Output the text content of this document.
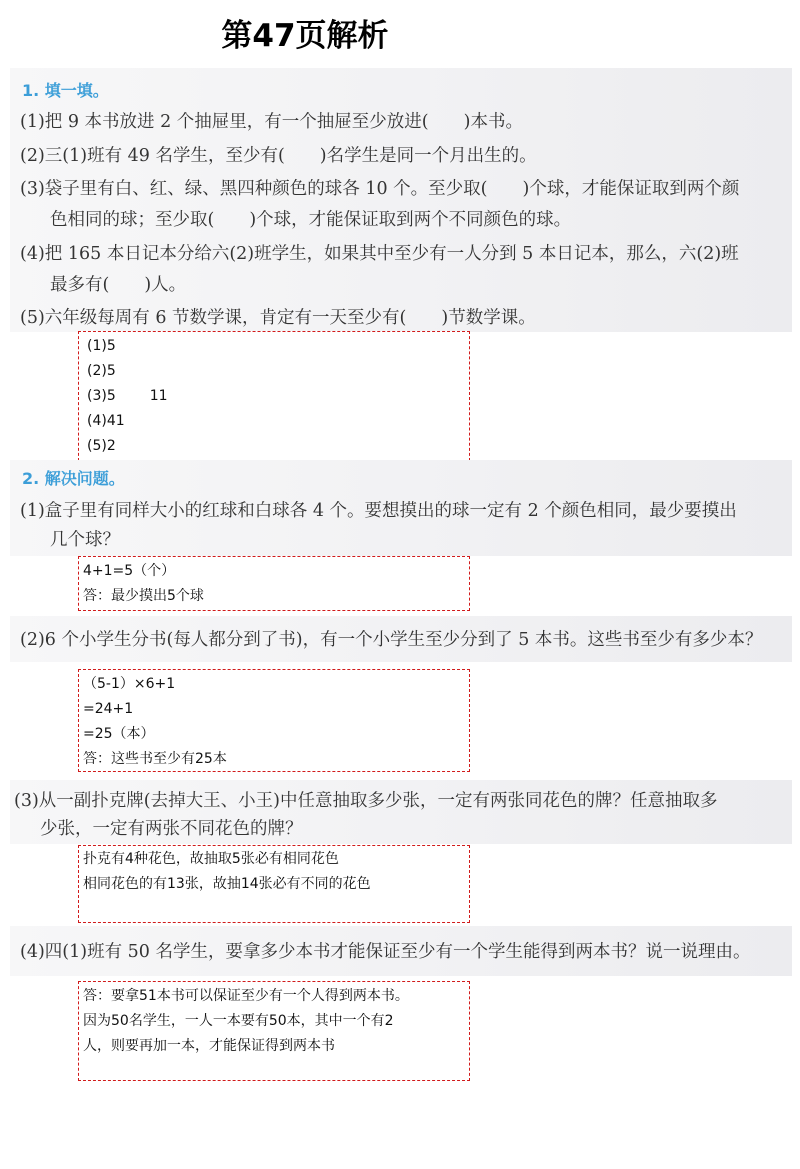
第47页解析
1. 填一填。
(1)把 9 本书放进 2 个抽屉里，有一个抽屉至少放进(　　)本书。
(2)三(1)班有 49 名学生，至少有(　　)名学生是同一个月出生的。
(3)袋子里有白、红、绿、黑四种颜色的球各 10 个。至少取(　　)个球，才能保证取到两个颜
色相同的球；至少取(　　)个球，才能保证取到两个不同颜色的球。
(4)把 165 本日记本分给六(2)班学生，如果其中至少有一人分到 5 本日记本，那么，六(2)班
最多有(　　)人。
(5)六年级每周有 6 节数学课，肯定有一天至少有(　　)节数学课。
(1)5
(2)5
(3)5 11
(4)41
(5)2
2. 解决问题。
(1)盒子里有同样大小的红球和白球各 4 个。要想摸出的球一定有 2 个颜色相同，最少要摸出
几个球？
4+1=5（个）
答：最少摸出5个球
(2)6 个小学生分书(每人都分到了书)，有一个小学生至少分到了 5 本书。这些书至少有多少本？
（5-1）×6+1
=24+1
=25（本）
答：这些书至少有25本
(3)从一副扑克牌(去掉大王、小王)中任意抽取多少张，一定有两张同花色的牌？任意抽取多
少张，一定有两张不同花色的牌？
扑克有4种花色，故抽取5张必有相同花色
相同花色的有13张，故抽14张必有不同的花色
(4)四(1)班有 50 名学生，要拿多少本书才能保证至少有一个学生能得到两本书？说一说理由。
答：要拿51本书可以保证至少有一个人得到两本书。
因为50名学生，一人一本要有50本，其中一个有2
人，则要再加一本，才能保证得到两本书
